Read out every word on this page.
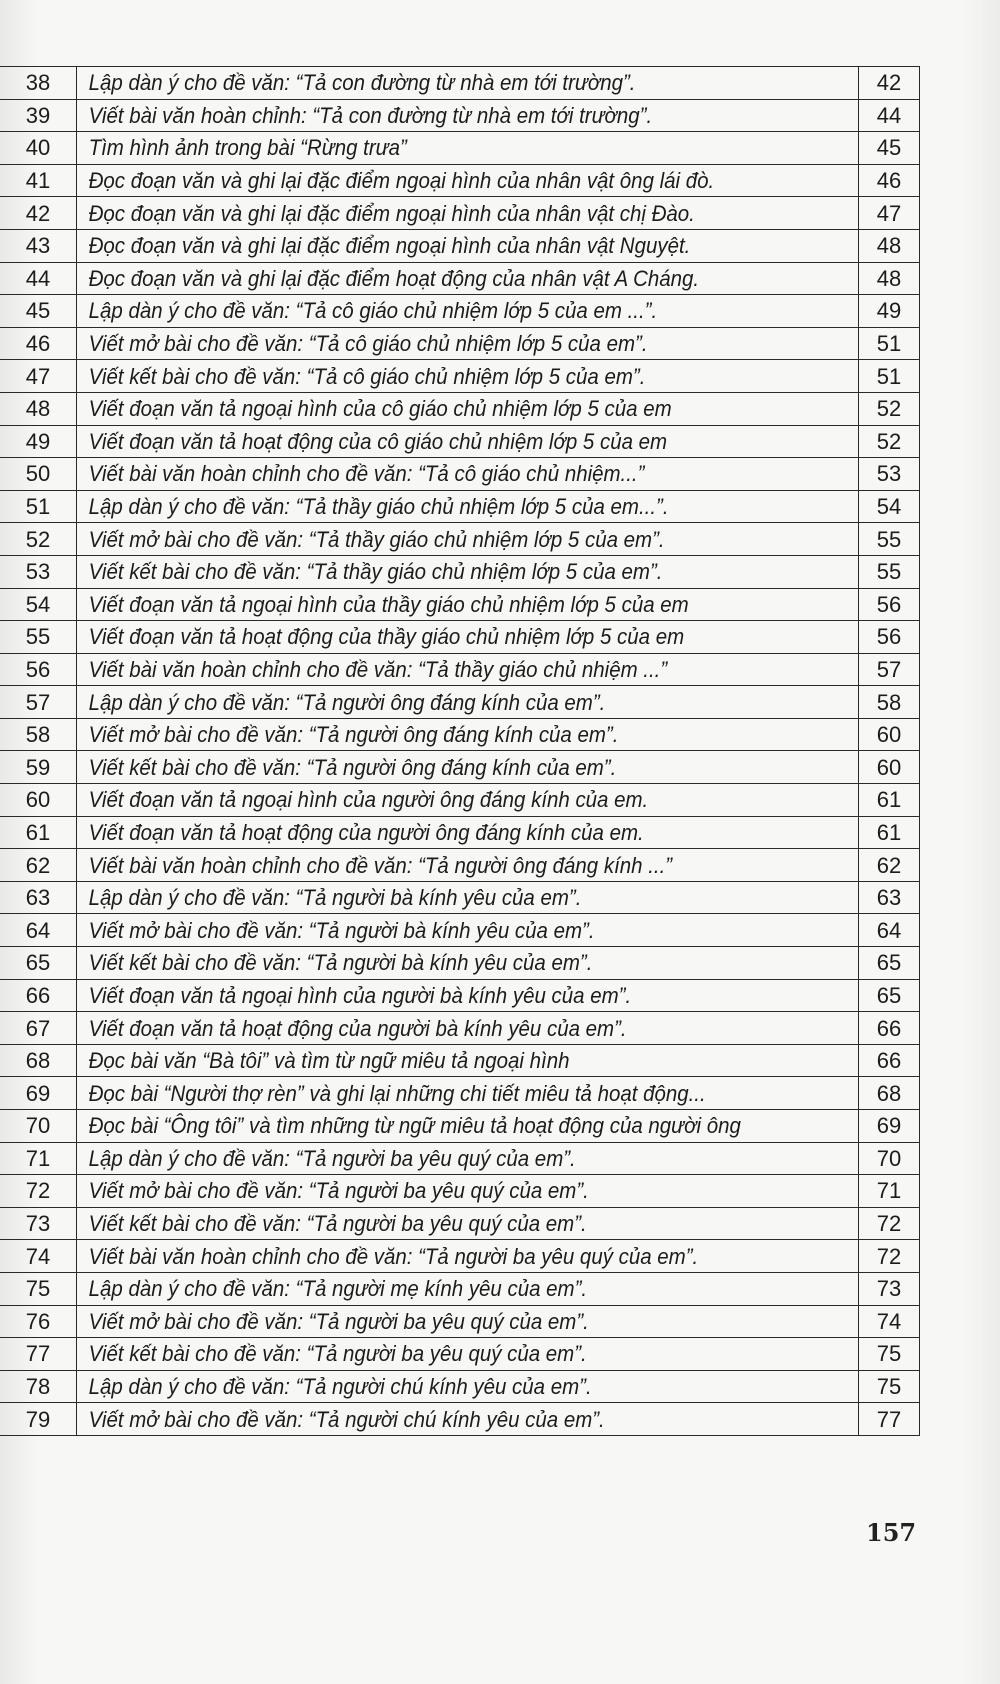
38	Lập dàn ý cho đề văn: “Tả con đường từ nhà em tới trường”.	42
39	Viết bài văn hoàn chỉnh: “Tả con đường từ nhà em tới trường”.	44
40	Tìm hình ảnh trong bài “Rừng trưa”	45
41	Đọc đoạn văn và ghi lại đặc điểm ngoại hình của nhân vật ông lái đò.	46
42	Đọc đoạn văn và ghi lại đặc điểm ngoại hình của nhân vật chị Đào.	47
43	Đọc đoạn văn và ghi lại đặc điểm ngoại hình của nhân vật Nguyệt.	48
44	Đọc đoạn văn và ghi lại đặc điểm hoạt động của nhân vật A Cháng.	48
45	Lập dàn ý cho đề văn: “Tả cô giáo chủ nhiệm lớp 5 của em ...”.	49
46	Viết mở bài cho đề văn: “Tả cô giáo chủ nhiệm lớp 5 của em”.	51
47	Viết kết bài cho đề văn: “Tả cô giáo chủ nhiệm lớp 5 của em”.	51
48	Viết đoạn văn tả ngoại hình của cô giáo chủ nhiệm lớp 5 của em	52
49	Viết đoạn văn tả hoạt động của cô giáo chủ nhiệm lớp 5 của em	52
50	Viết bài văn hoàn chỉnh cho đề văn: “Tả cô giáo chủ nhiệm...”	53
51	Lập dàn ý cho đề văn: “Tả thầy giáo chủ nhiệm lớp 5 của em...”.	54
52	Viết mở bài cho đề văn: “Tả thầy giáo chủ nhiệm lớp 5 của em”.	55
53	Viết kết bài cho đề văn: “Tả thầy giáo chủ nhiệm lớp 5 của em”.	55
54	Viết đoạn văn tả ngoại hình của thầy giáo chủ nhiệm lớp 5 của em	56
55	Viết đoạn văn tả hoạt động của thầy giáo chủ nhiệm lớp 5 của em	56
56	Viết bài văn hoàn chỉnh cho đề văn: “Tả thầy giáo chủ nhiệm ...”	57
57	Lập dàn ý cho đề văn: “Tả người ông đáng kính của em”.	58
58	Viết mở bài cho đề văn: “Tả người ông đáng kính của em”.	60
59	Viết kết bài cho đề văn: “Tả người ông đáng kính của em”.	60
60	Viết đoạn văn tả ngoại hình của người ông đáng kính của em.	61
61	Viết đoạn văn tả hoạt động của người ông đáng kính của em.	61
62	Viết bài văn hoàn chỉnh cho đề văn: “Tả người ông đáng kính ...”	62
63	Lập dàn ý cho đề văn: “Tả người bà kính yêu của em”.	63
64	Viết mở bài cho đề văn: “Tả người bà kính yêu của em”.	64
65	Viết kết bài cho đề văn: “Tả người bà kính yêu của em”.	65
66	Viết đoạn văn tả ngoại hình của người bà kính yêu của em”.	65
67	Viết đoạn văn tả hoạt động của người bà kính yêu của em”.	66
68	Đọc bài văn “Bà tôi” và tìm từ ngữ miêu tả ngoại hình	66
69	Đọc bài “Người thợ rèn” và ghi lại những chi tiết miêu tả hoạt động...	68
70	Đọc bài “Ông tôi” và tìm những từ ngữ miêu tả hoạt động của người ông	69
71	Lập dàn ý cho đề văn: “Tả người ba yêu quý của em”.	70
72	Viết mở bài cho đề văn: “Tả người ba yêu quý của em”.	71
73	Viết kết bài cho đề văn: “Tả người ba yêu quý của em”.	72
74	Viết bài văn hoàn chỉnh cho đề văn: “Tả người ba yêu quý của em”.	72
75	Lập dàn ý cho đề văn: “Tả người mẹ kính yêu của em”.	73
76	Viết mở bài cho đề văn: “Tả người ba yêu quý của em”.	74
77	Viết kết bài cho đề văn: “Tả người ba yêu quý của em”.	75
78	Lập dàn ý cho đề văn: “Tả người chú kính yêu của em”.	75
79	Viết mở bài cho đề văn: “Tả người chú kính yêu của em”.	77
157
